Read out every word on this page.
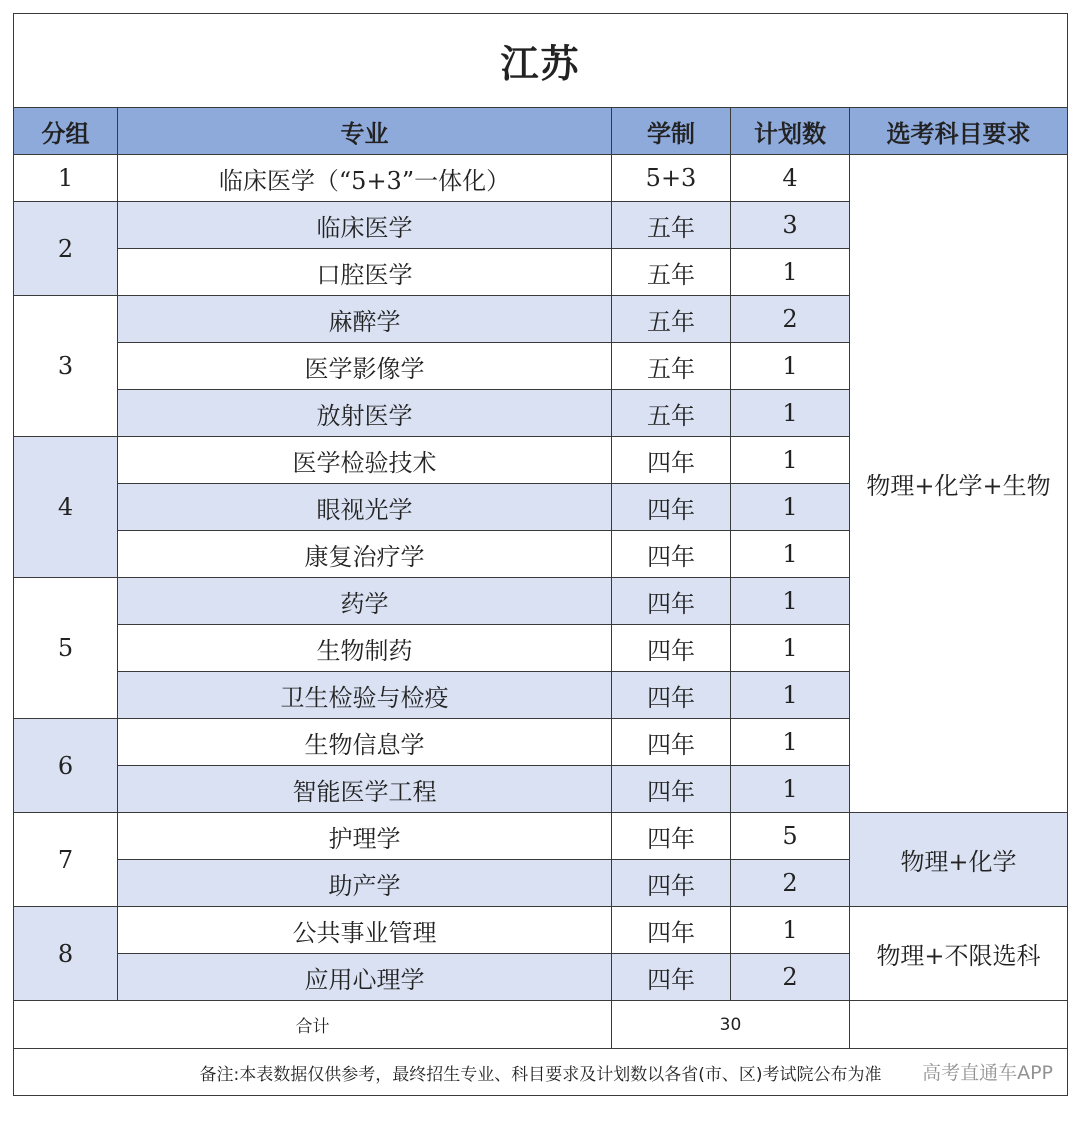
江苏				
分组	专业	学制	计划数	选考科目要求
1	临床医学（“5+3”一体化）	5+3	4	物理+化学+生物
2	临床医学	五年	3	
	口腔医学	五年	1	
3	麻醉学	五年	2	
	医学影像学	五年	1	
	放射医学	五年	1	
4	医学检验技术	四年	1	
	眼视光学	四年	1	
	康复治疗学	四年	1	
5	药学	四年	1	
	生物制药	四年	1	
	卫生检验与检疫	四年	1	
6	生物信息学	四年	1	
	智能医学工程	四年	1	
7	护理学	四年	5	物理+化学
	助产学	四年	2	
8	公共事业管理	四年	1	物理+不限选科
	应用心理学	四年	2	
合计		30		
备注:本表数据仅供参考，最终招生专业、科目要求及计划数以各省(市、区)考试院公布为准 高考直通车APP				
